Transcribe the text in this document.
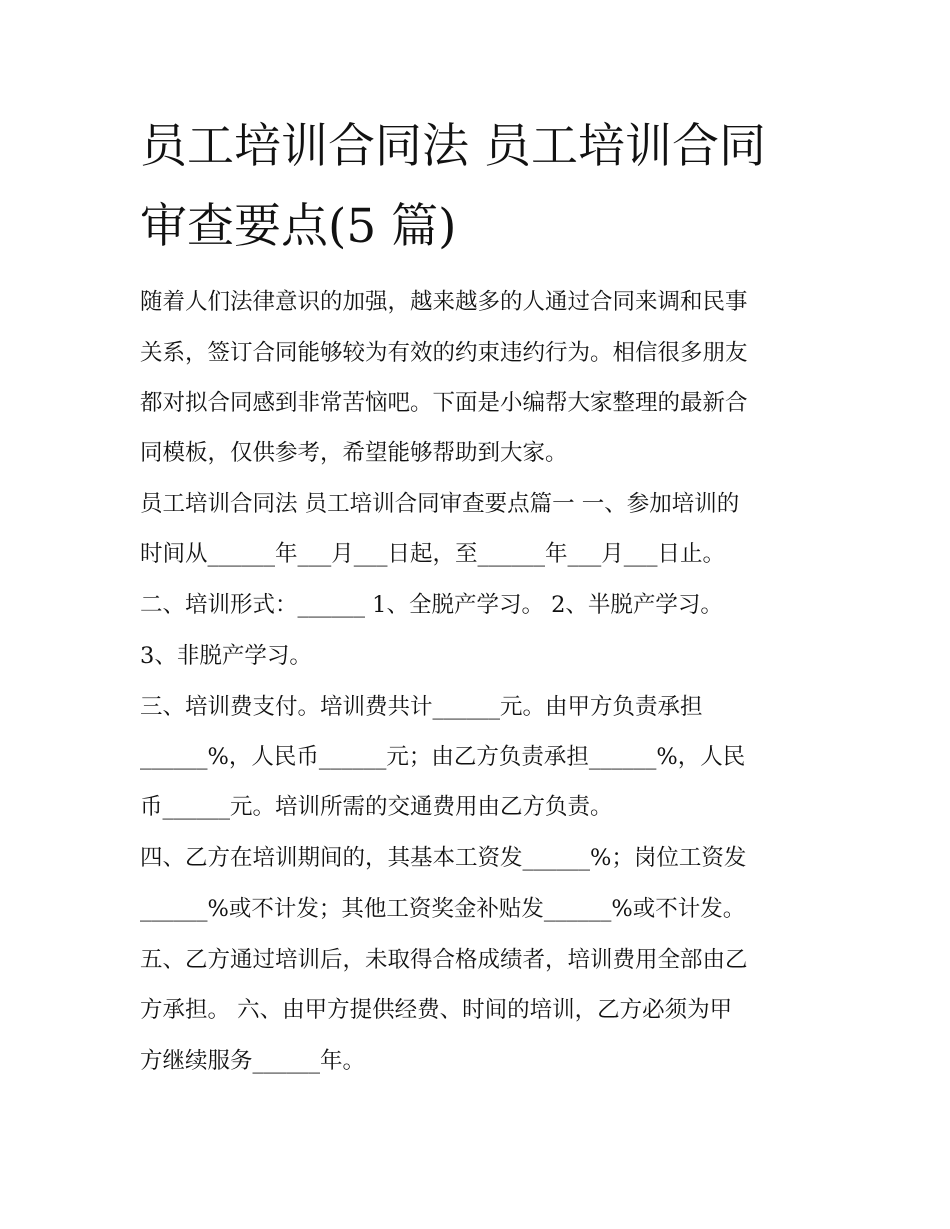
员工培训合同法 员工培训合同
审查要点(5 篇)
随着人们法律意识的加强，越来越多的人通过合同来调和民事
关系，签订合同能够较为有效的约束违约行为。相信很多朋友
都对拟合同感到非常苦恼吧。下面是小编帮大家整理的最新合
同模板，仅供参考，希望能够帮助到大家。
员工培训合同法 员工培训合同审查要点篇一 一、参加培训的
时间从______年___月___日起，至______年___月___日止。
二、培训形式：______ 1、全脱产学习。 2、半脱产学习。
3、非脱产学习。
三、培训费支付。培训费共计______元。由甲方负责承担
______%，人民币______元；由乙方负责承担______%，人民
币______元。培训所需的交通费用由乙方负责。
四、乙方在培训期间的，其基本工资发______%；岗位工资发
______%或不计发；其他工资奖金补贴发______%或不计发。
五、乙方通过培训后，未取得合格成绩者，培训费用全部由乙
方承担。 六、由甲方提供经费、时间的培训，乙方必须为甲
方继续服务______年。
